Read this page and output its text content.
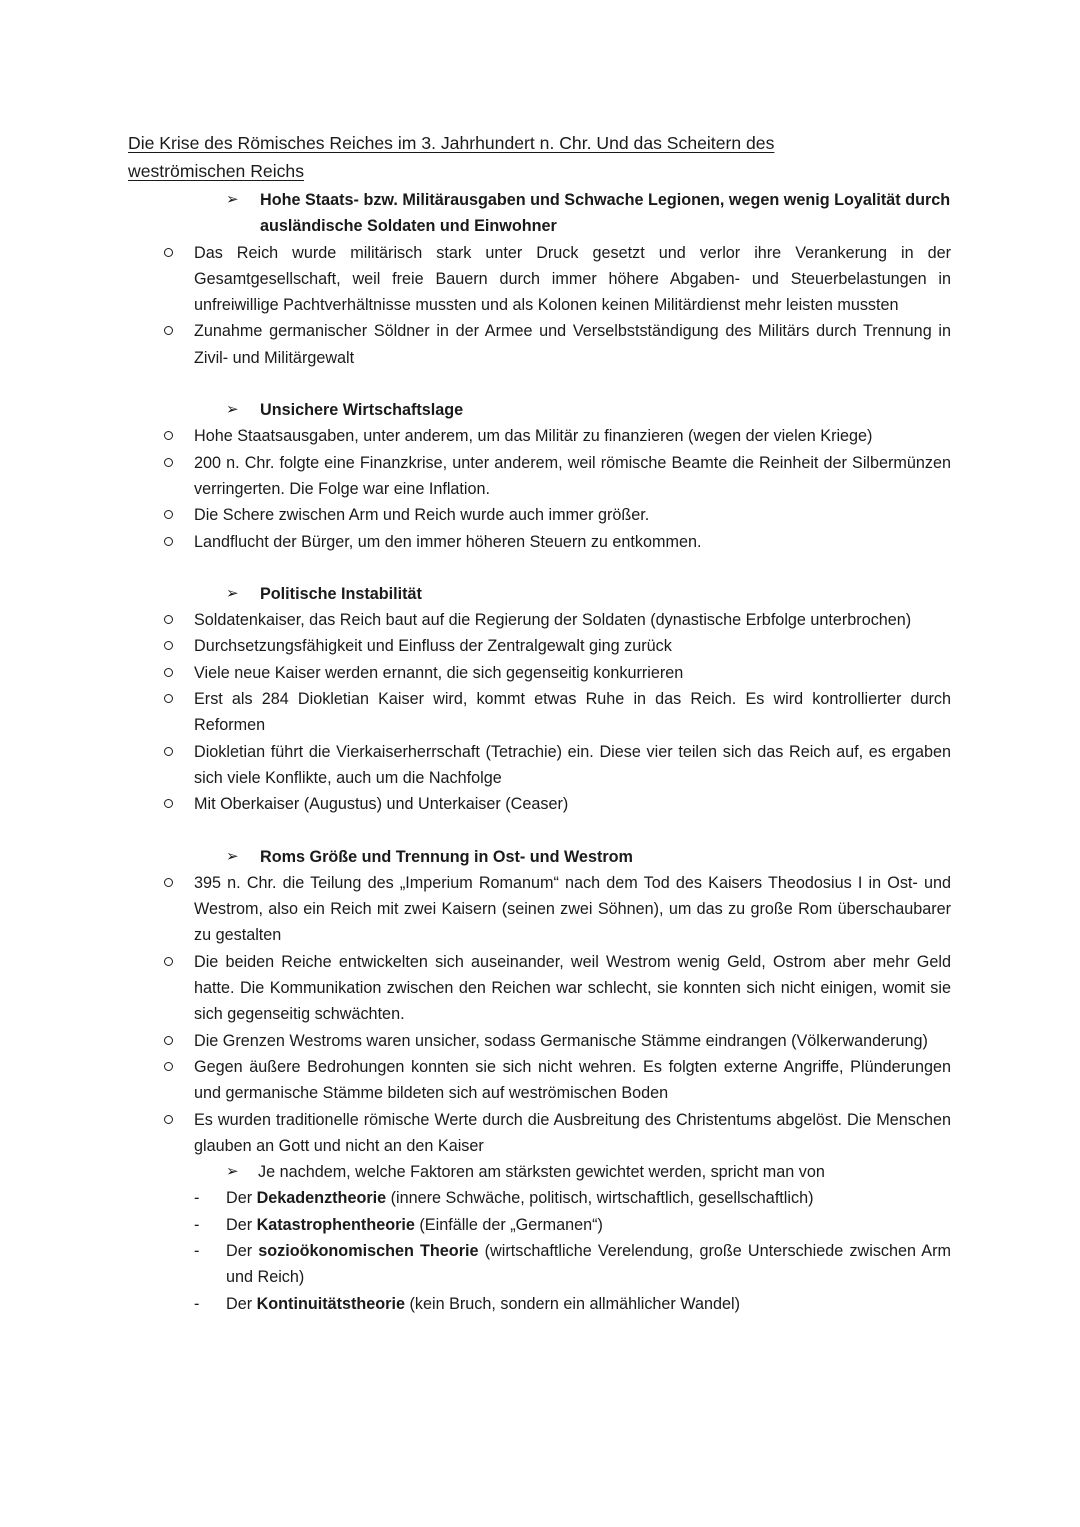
Die Krise des Römisches Reiches im 3. Jahrhundert n. Chr. Und das Scheitern des weströmischen Reichs

➢ Hohe Staats- bzw. Militärausgaben und Schwache Legionen, wegen wenig Loyalität durch ausländische Soldaten und Einwohner
Das Reich wurde militärisch stark unter Druck gesetzt und verlor ihre Verankerung in der Gesamtgesellschaft, weil freie Bauern durch immer höhere Abgaben- und Steuerbelastungen in unfreiwillige Pachtverhältnisse mussten und als Kolonen keinen Militärdienst mehr leisten mussten
Zunahme germanischer Söldner in der Armee und Verselbstständigung des Militärs durch Trennung in Zivil- und Militärgewalt
➢ Unsichere Wirtschaftslage
Hohe Staatsausgaben, unter anderem, um das Militär zu finanzieren (wegen der vielen Kriege)
200 n. Chr. folgte eine Finanzkrise, unter anderem, weil römische Beamte die Reinheit der Silbermünzen verringerten. Die Folge war eine Inflation.
Die Schere zwischen Arm und Reich wurde auch immer größer.
Landflucht der Bürger, um den immer höheren Steuern zu entkommen.
➢ Politische Instabilität
Soldatenkaiser, das Reich baut auf die Regierung der Soldaten (dynastische Erbfolge unterbrochen)
Durchsetzungsfähigkeit und Einfluss der Zentralgewalt ging zurück
Viele neue Kaiser werden ernannt, die sich gegenseitig konkurrieren
Erst als 284 Diokletian Kaiser wird, kommt etwas Ruhe in das Reich. Es wird kontrollierter durch Reformen
Diokletian führt die Vierkaiserherrschaft (Tetrachie) ein. Diese vier teilen sich das Reich auf, es ergaben sich viele Konflikte, auch um die Nachfolge
Mit Oberkaiser (Augustus) und Unterkaiser (Ceaser)
➢ Roms Größe und Trennung in Ost- und Westrom
395 n. Chr. die Teilung des „Imperium Romanum“ nach dem Tod des Kaisers Theodosius I in Ost- und Westrom, also ein Reich mit zwei Kaisern (seinen zwei Söhnen), um das zu große Rom überschaubarer zu gestalten
Die beiden Reiche entwickelten sich auseinander, weil Westrom wenig Geld, Ostrom aber mehr Geld hatte. Die Kommunikation zwischen den Reichen war schlecht, sie konnten sich nicht einigen, womit sie sich gegenseitig schwächten.
Die Grenzen Westroms waren unsicher, sodass Germanische Stämme eindrangen (Völkerwanderung)
Gegen äußere Bedrohungen konnten sie sich nicht wehren. Es folgten externe Angriffe, Plünderungen und germanische Stämme bildeten sich auf weströmischen Boden
Es wurden traditionelle römische Werte durch die Ausbreitung des Christentums abgelöst. Die Menschen glauben an Gott und nicht an den Kaiser
➢ Je nachdem, welche Faktoren am stärksten gewichtet werden, spricht man von
- Der Dekadenztheorie (innere Schwäche, politisch, wirtschaftlich, gesellschaftlich)
- Der Katastrophentheorie (Einfälle der „Germanen“)
- Der sozioökonomischen Theorie (wirtschaftliche Verelendung, große Unterschiede zwischen Arm und Reich)
- Der Kontinuitätstheorie (kein Bruch, sondern ein allmählicher Wandel)
